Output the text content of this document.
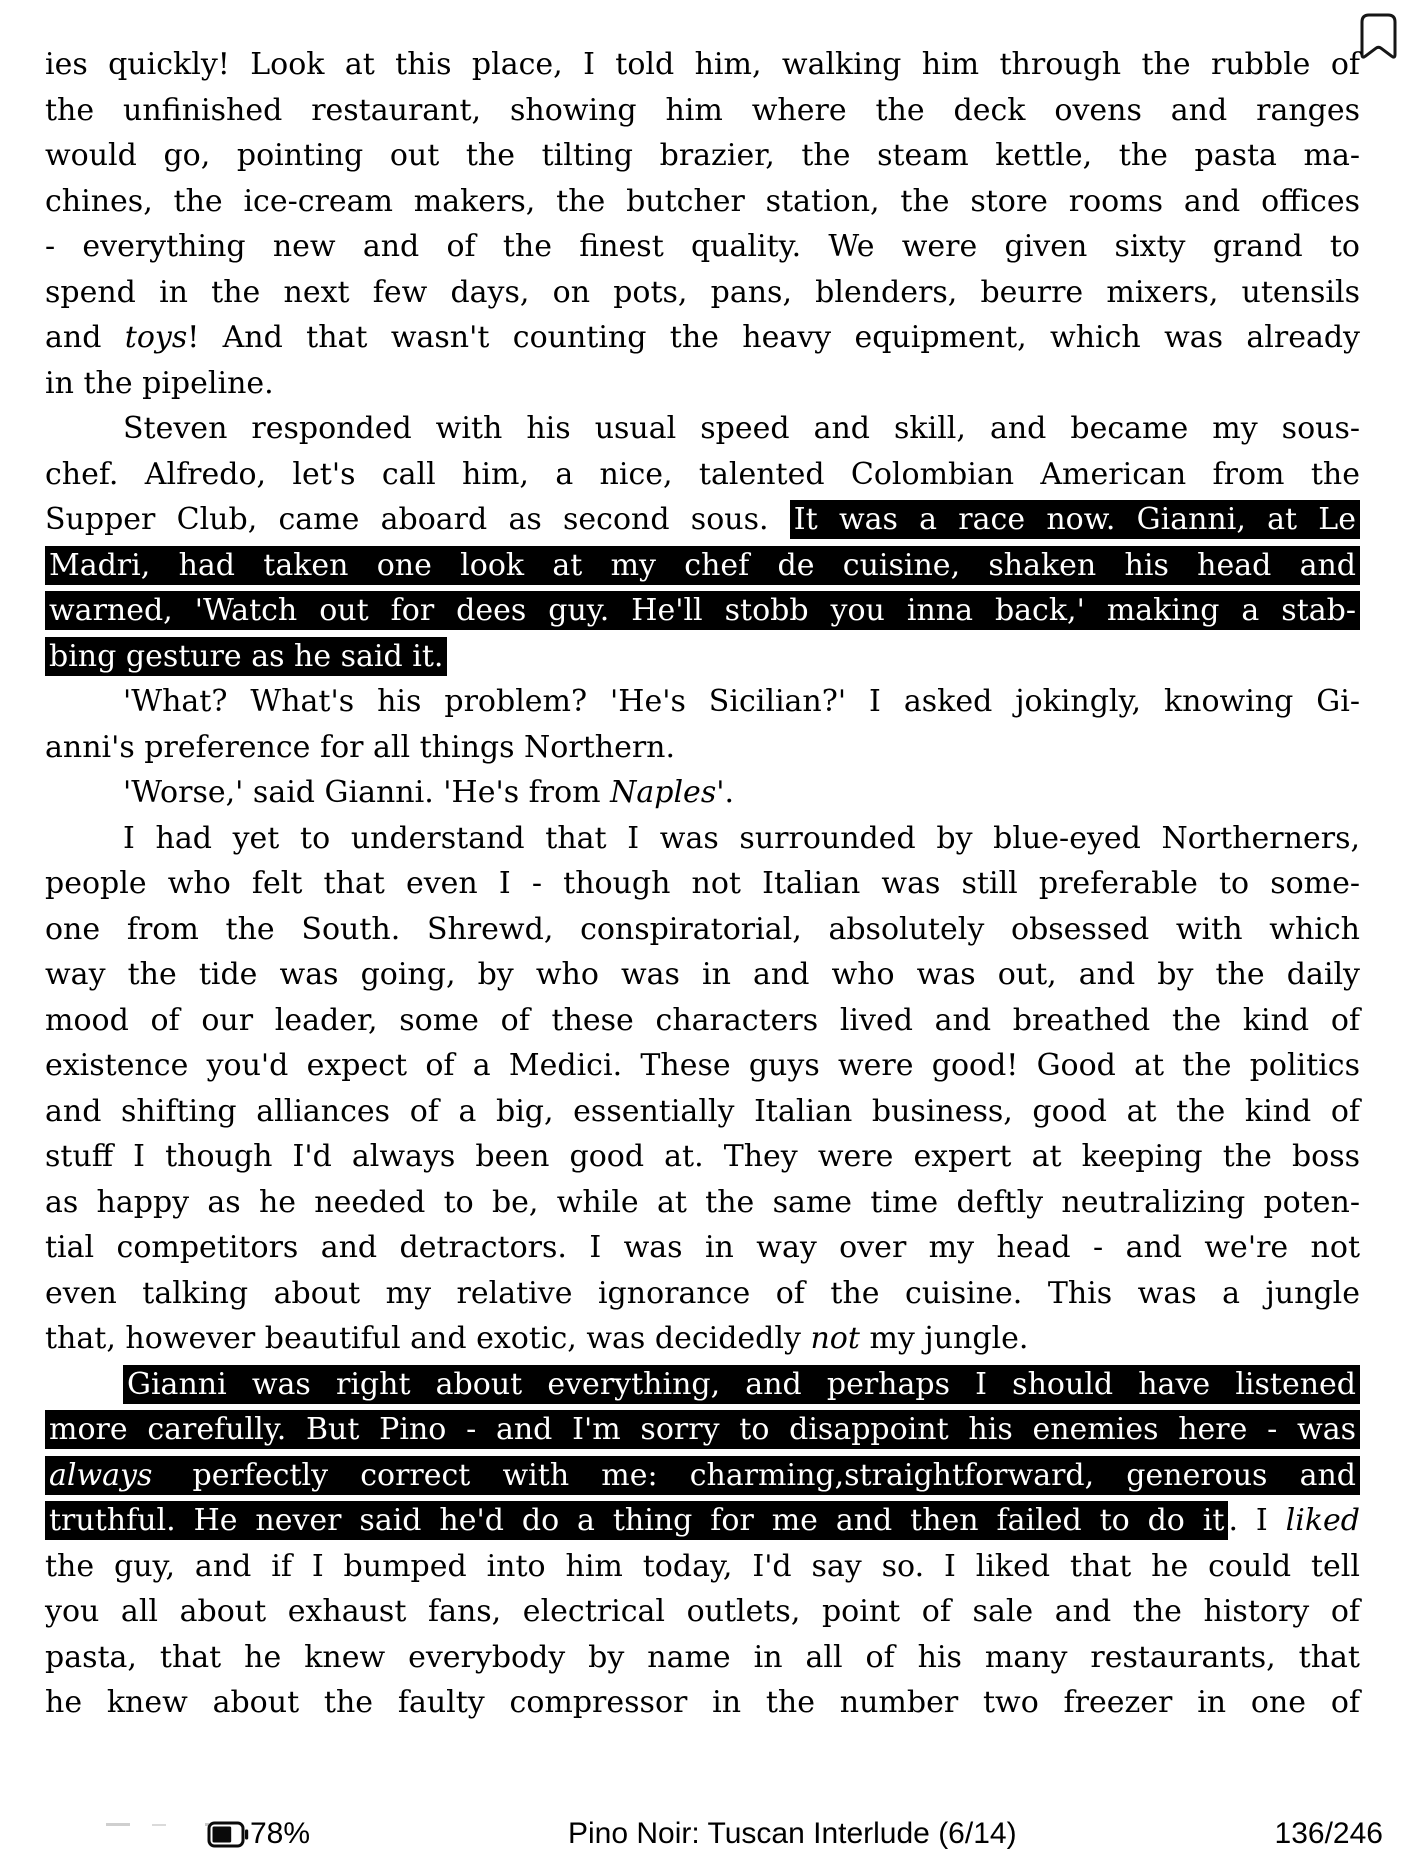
ies quickly! Look at this place, I told him, walking him through the rubble of
the unfinished restaurant, showing him where the deck ovens and ranges
would go, pointing out the tilting brazier, the steam kettle, the pasta ma-
chines, the ice-cream makers, the butcher station, the store rooms and offices
- everything new and of the finest quality. We were given sixty grand to
spend in the next few days, on pots, pans, blenders, beurre mixers, utensils
and toys! And that wasn't counting the heavy equipment, which was already
in the pipeline.
Steven responded with his usual speed and skill, and became my sous-
chef. Alfredo, let's call him, a nice, talented Colombian American from the
Supper Club, came aboard as second sous. It was a race now. Gianni, at Le
Madri, had taken one look at my chef de cuisine, shaken his head and
warned, 'Watch out for dees guy. He'll stobb you inna back,' making a stab-
bing gesture as he said it.
'What? What's his problem? 'He's Sicilian?' I asked jokingly, knowing Gi-
anni's preference for all things Northern.
'Worse,' said Gianni. 'He's from Naples'.
I had yet to understand that I was surrounded by blue-eyed Northerners,
people who felt that even I - though not Italian was still preferable to some-
one from the South. Shrewd, conspiratorial, absolutely obsessed with which
way the tide was going, by who was in and who was out, and by the daily
mood of our leader, some of these characters lived and breathed the kind of
existence you'd expect of a Medici. These guys were good! Good at the politics
and shifting alliances of a big, essentially Italian business, good at the kind of
stuff I though I'd always been good at. They were expert at keeping the boss
as happy as he needed to be, while at the same time deftly neutralizing poten-
tial competitors and detractors. I was in way over my head - and we're not
even talking about my relative ignorance of the cuisine. This was a jungle
that, however beautiful and exotic, was decidedly not my jungle.
Gianni was right about everything, and perhaps I should have listened
more carefully. But Pino - and I'm sorry to disappoint his enemies here - was
always perfectly correct with me: charming,straightforward, generous and
truthful. He never said he'd do a thing for me and then failed to do it . I liked
the guy, and if I bumped into him today, I'd say so. I liked that he could tell
you all about exhaust fans, electrical outlets, point of sale and the history of
pasta, that he knew everybody by name in all of his many restaurants, that
he knew about the faulty compressor in the number two freezer in one of
78%	Pino Noir: Tuscan Interlude (6/14)	136/246
